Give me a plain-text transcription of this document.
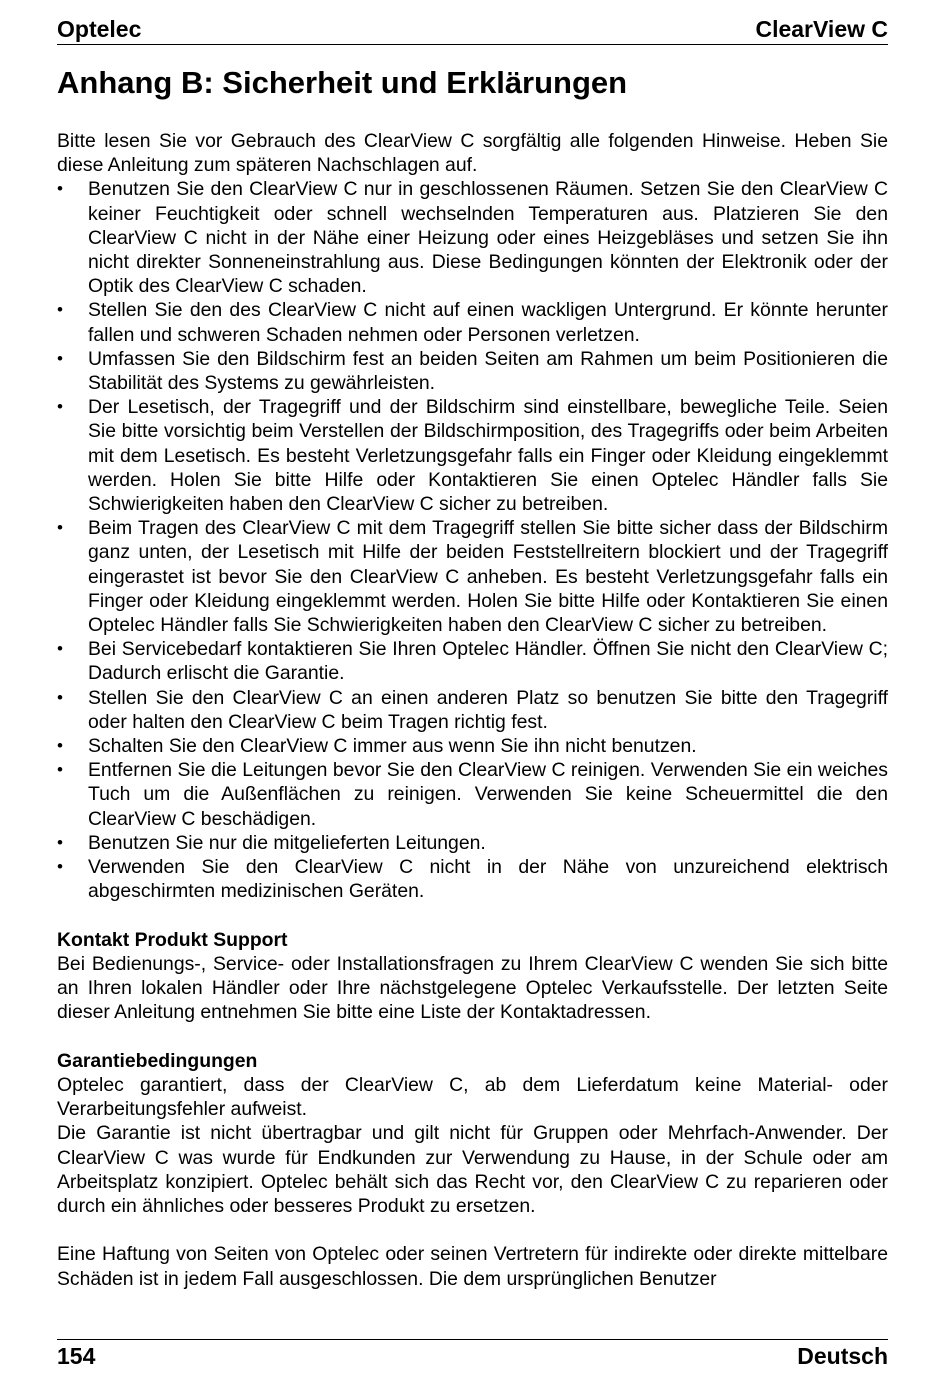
Optelec	ClearView C
Anhang B: Sicherheit und Erklärungen

Bitte lesen Sie vor Gebrauch des ClearView C sorgfältig alle folgenden Hinweise. Heben Sie diese Anleitung zum späteren Nachschlagen auf.

• Benutzen Sie den ClearView C nur in geschlossenen Räumen. Setzen Sie den ClearView C keiner Feuchtigkeit oder schnell wechselnden Temperaturen aus. Platzieren Sie den ClearView C nicht in der Nähe einer Heizung oder eines Heizgebläses und setzen Sie ihn nicht direkter Sonneneinstrahlung aus. Diese Bedingungen könnten der Elektronik oder der Optik des ClearView C schaden.
• Stellen Sie den des ClearView C nicht auf einen wackligen Untergrund. Er könnte herunter fallen und schweren Schaden nehmen oder Personen verletzen.
• Umfassen Sie den Bildschirm fest an beiden Seiten am Rahmen um beim Positionieren die Stabilität des Systems zu gewährleisten.
• Der Lesetisch, der Tragegriff und der Bildschirm sind einstellbare, bewegliche Teile. Seien Sie bitte vorsichtig beim Verstellen der Bildschirmposition, des Tragegriffs oder beim Arbeiten mit dem Lesetisch. Es besteht Verletzungsgefahr falls ein Finger oder Kleidung eingeklemmt werden. Holen Sie bitte Hilfe oder Kontaktieren Sie einen Optelec Händler falls Sie Schwierigkeiten haben den ClearView C sicher zu betreiben.
• Beim Tragen des ClearView C mit dem Tragegriff stellen Sie bitte sicher dass der Bildschirm ganz unten, der Lesetisch mit Hilfe der beiden Feststellreitern blockiert und der Tragegriff eingerastet ist bevor Sie den ClearView C anheben. Es besteht Verletzungsgefahr falls ein Finger oder Kleidung eingeklemmt werden. Holen Sie bitte Hilfe oder Kontaktieren Sie einen Optelec Händler falls Sie Schwierigkeiten haben den ClearView C sicher zu betreiben.
• Bei Servicebedarf kontaktieren Sie Ihren Optelec Händler. Öffnen Sie nicht den ClearView C; Dadurch erlischt die Garantie.
• Stellen Sie den ClearView C an einen anderen Platz so benutzen Sie bitte den Tragegriff oder halten den ClearView C beim Tragen richtig fest.
• Schalten Sie den ClearView C immer aus wenn Sie ihn nicht benutzen.
• Entfernen Sie die Leitungen bevor Sie den ClearView C reinigen. Verwenden Sie ein weiches Tuch um die Außenflächen zu reinigen. Verwenden Sie keine Scheuermittel die den ClearView C beschädigen.
• Benutzen Sie nur die mitgelieferten Leitungen.
• Verwenden Sie den ClearView C nicht in der Nähe von unzureichend elektrisch abgeschirmten medizinischen Geräten.

Kontakt Produkt Support

Bei Bedienungs-, Service- oder Installationsfragen zu Ihrem ClearView C wenden Sie sich bitte an Ihren lokalen Händler oder Ihre nächstgelegene Optelec Verkaufsstelle. Der letzten Seite dieser Anleitung entnehmen Sie bitte eine Liste der Kontaktadressen.

Garantiebedingungen

Optelec garantiert, dass der ClearView C, ab dem Lieferdatum keine Material- oder Verarbeitungsfehler aufweist.

Die Garantie ist nicht übertragbar und gilt nicht für Gruppen oder Mehrfach-Anwender. Der ClearView C was wurde für Endkunden zur Verwendung zu Hause, in der Schule oder am Arbeitsplatz konzipiert. Optelec behält sich das Recht vor, den ClearView C zu reparieren oder durch ein ähnliches oder besseres Produkt zu ersetzen.

Eine Haftung von Seiten von Optelec oder seinen Vertretern für indirekte oder direkte mittelbare Schäden ist in jedem Fall ausgeschlossen. Die dem ursprünglichen Benutzer

154	Deutsch
